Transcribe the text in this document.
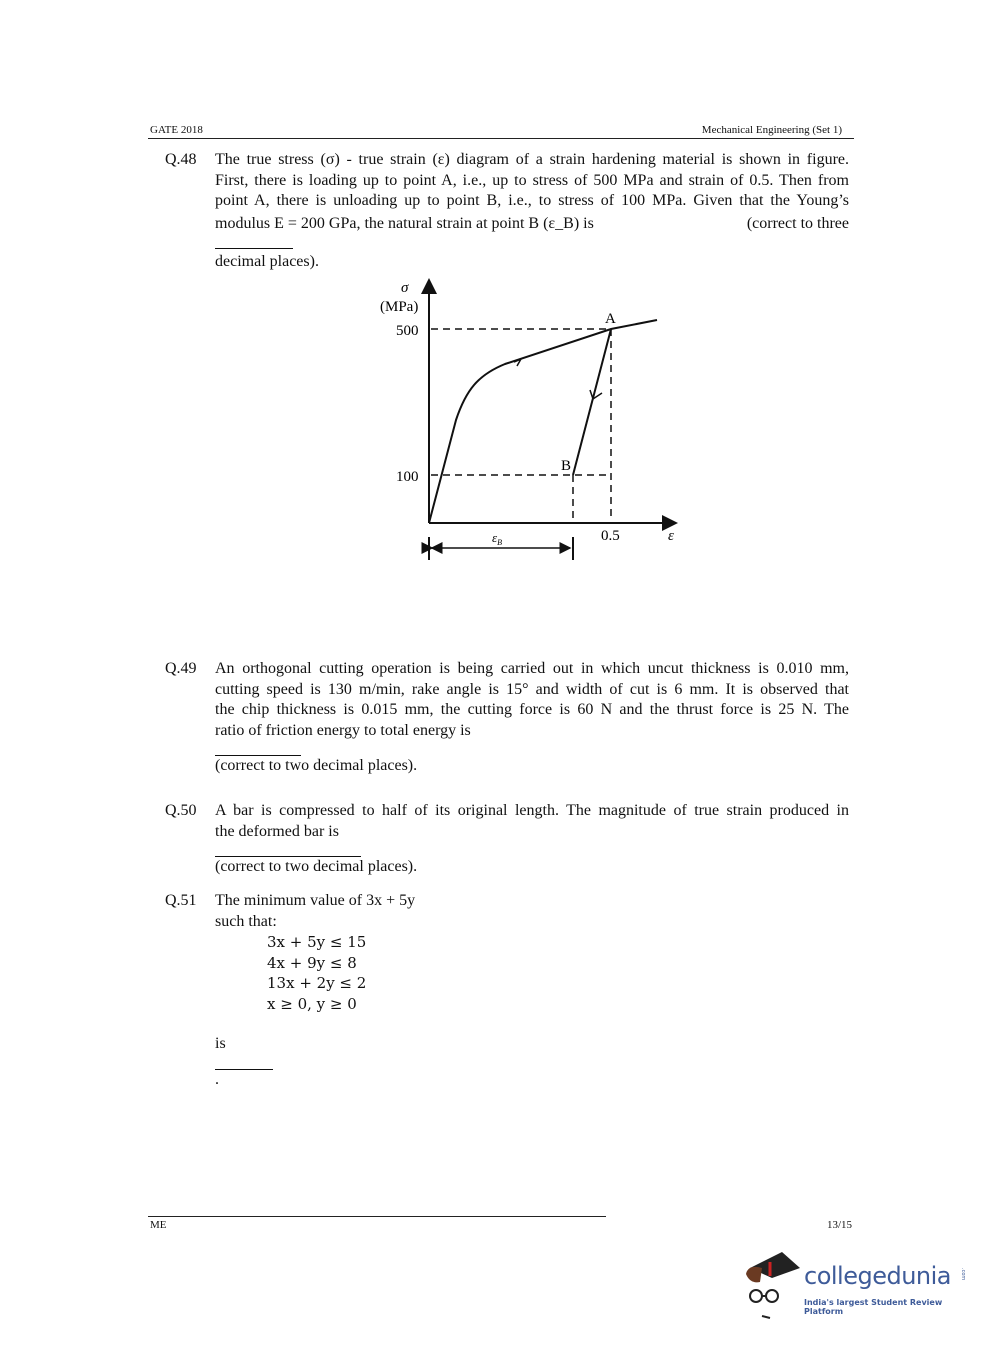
GATE 2018	Mechanical Engineering (Set 1)
Q.48 The true stress (σ) - true strain (ε) diagram of a strain hardening material is shown in figure.
First, there is loading up to point A, i.e., up to stress of 500 MPa and strain of 0.5. Then from
point A, there is unloading up to point B, i.e., to stress of 100 MPa. Given that the Young’s
modulus E = 200 GPa, the natural strain at point B (ε_B) is	(correct to three
decimal places).
σ
(MPa)
500
100
0.5	ε
A
B
$\varepsilon_B$
Q.49 An orthogonal cutting operation is being carried out in which uncut thickness is 0.010 mm,
cutting speed is 130 m/min, rake angle is 15° and width of cut is 6 mm. It is observed that
the chip thickness is 0.015 mm, the cutting force is 60 N and the thrust force is 25 N. The
ratio of friction energy to total energy is
(correct to two decimal places).
Q.50 A bar is compressed to half of its original length. The magnitude of true strain produced in
the deformed bar is
(correct to two decimal places).
Q.51 The minimum value of 3x + 5y
such that:
3x + 5y ≤ 15
4x + 9y ≤ 8
13x + 2y ≤ 2
x ≥ 0, y ≥ 0
is
.
ME	13/15
collegedunia .com
India's largest Student Review Platform
